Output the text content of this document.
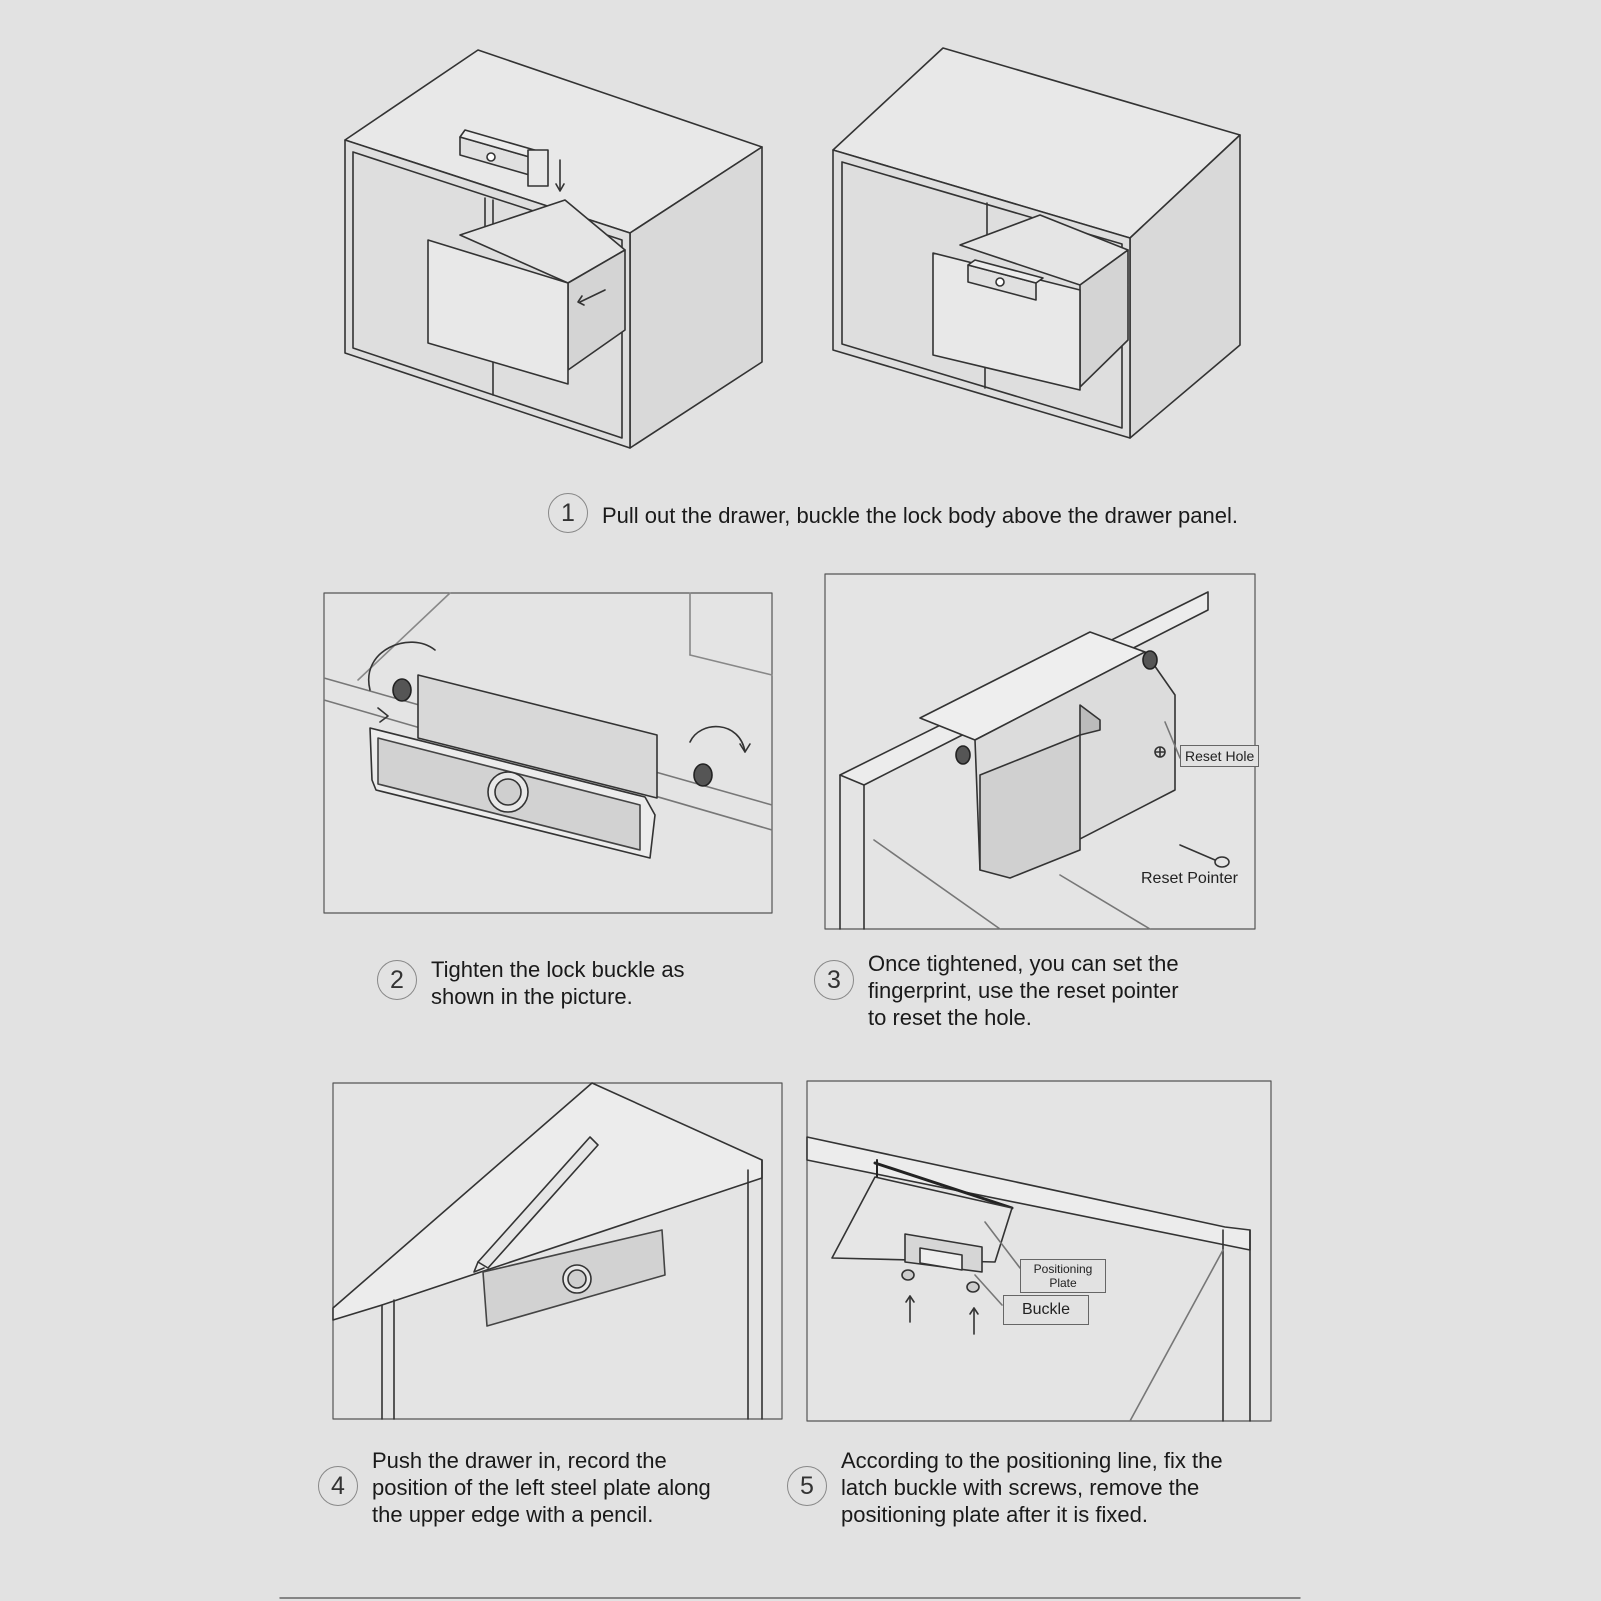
Reset Hole
Reset Pointer
Positioning
Plate
Buckle
1	Pull out the drawer, buckle the lock body above the drawer panel.
2	Tighten the lock buckle as
shown in the picture.
3
Once tightened, you can set the
fingerprint, use the reset pointer
to reset the hole.
4
Push the drawer in, record the
position of the left steel plate along
the upper edge with a pencil.
5
According to the positioning line, fix the
latch buckle with screws, remove the
positioning plate after it is fixed.
